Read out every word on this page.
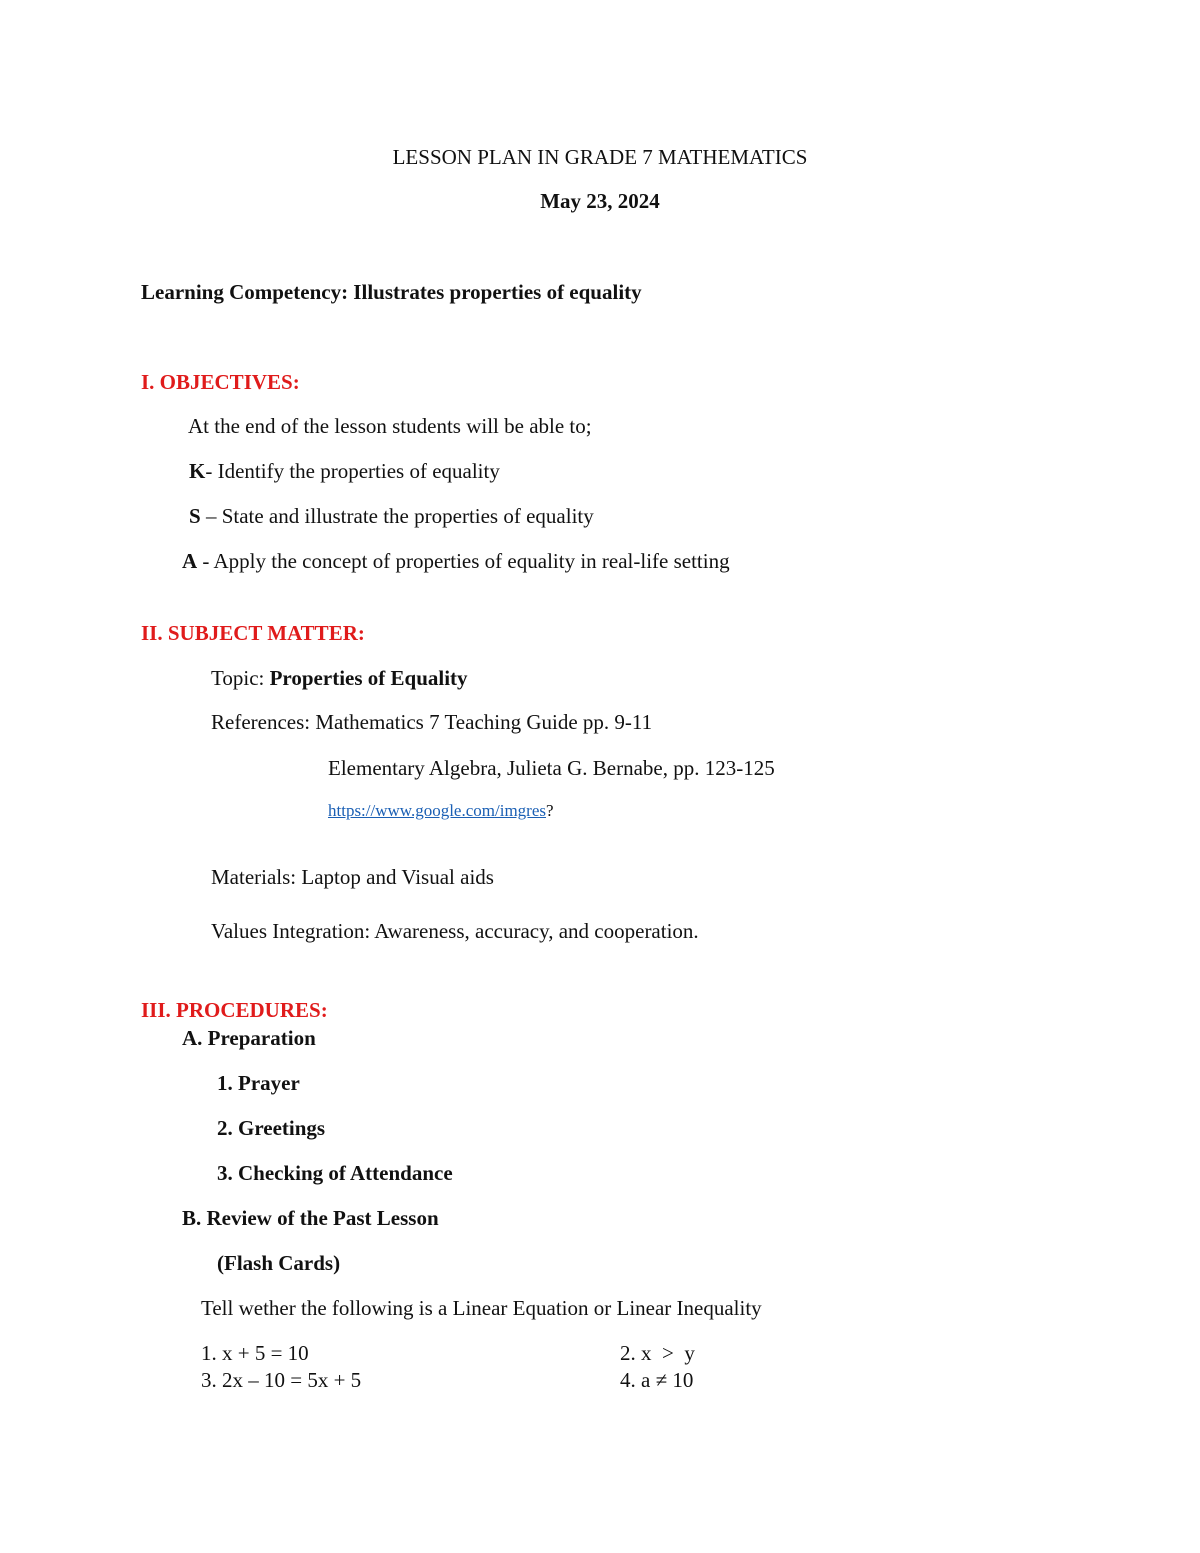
LESSON PLAN IN GRADE 7 MATHEMATICS
May 23, 2024
Learning Competency: Illustrates properties of equality
I. OBJECTIVES:
At the end of the lesson students will be able to;
K- Identify the properties of equality
S – State and illustrate the properties of equality
A - Apply the concept of properties of equality in real-life setting
II. SUBJECT MATTER:
Topic: Properties of Equality
References: Mathematics 7 Teaching Guide pp. 9-11
Elementary Algebra, Julieta G. Bernabe, pp. 123-125
https://www.google.com/imgres?
Materials: Laptop and Visual aids
Values Integration: Awareness, accuracy, and cooperation.
III. PROCEDURES:
A. Preparation
1. Prayer
2. Greetings
3. Checking of Attendance
B. Review of the Past Lesson
(Flash Cards)
Tell wether the following is a Linear Equation or Linear Inequality
1. x + 5 = 10	2. x  >  y
3. 2x – 10 = 5x + 5	4. a ≠ 10
